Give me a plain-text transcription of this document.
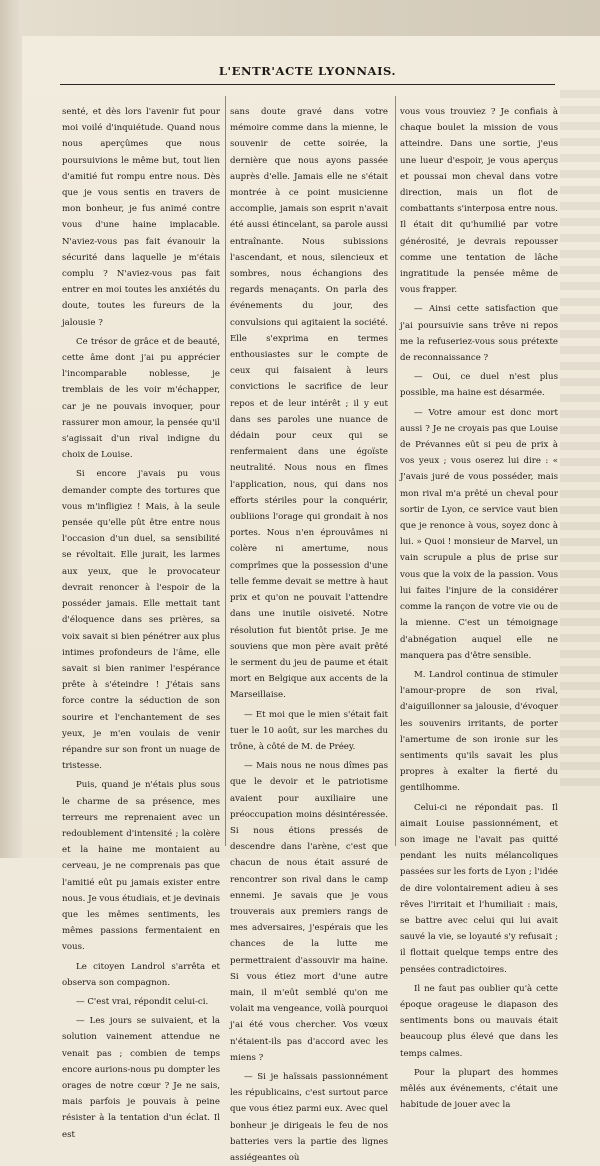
L'ENTR'ACTE LYONNAIS.

senté, et dès lors l'avenir fut pour moi voilé d'inquiétude. Quand nous nous aperçûmes que nous poursuivions le même but, tout lien d'amitié fut rompu entre nous. Dès que je vous sentis en travers de mon bonheur, je fus animé contre vous d'une haine implacable. N'aviez-vous pas fait évanouir la sécurité dans laquelle je m'étais complu ? N'aviez-vous pas fait entrer en moi toutes les anxiétés du doute, toutes les fureurs de la jalousie ?

Ce trésor de grâce et de beauté, cette âme dont j'ai pu apprécier l'incomparable noblesse, je tremblais de les voir m'échapper, car je ne pouvais invoquer, pour rassurer mon amour, la pensée qu'il s'agissait d'un rival indigne du choix de Louise.

Si encore j'avais pu vous demander compte des tortures que vous m'infligiez ! Mais, à la seule pensée qu'elle pût être entre nous l'occasion d'un duel, sa sensibilité se révoltait. Elle jurait, les larmes aux yeux, que le provocateur devrait renoncer à l'espoir de la posséder jamais. Elle mettait tant d'éloquence dans ses prières, sa voix savait si bien pénétrer aux plus intimes profondeurs de l'âme, elle savait si bien ranimer l'espérance prête à s'éteindre ! J'étais sans force contre la séduction de son sourire et l'enchantement de ses yeux, je m'en voulais de venir répandre sur son front un nuage de tristesse.

Puis, quand je n'étais plus sous le charme de sa présence, mes terreurs me reprenaient avec un redoublement d'intensité ; la colère et la haine me montaient au cerveau, je ne comprenais pas que l'amitié eût pu jamais exister entre nous. Je vous étudiais, et je devinais que les mêmes sentiments, les mêmes passions fermentaient en vous.

Le citoyen Landrol s'arrêta et observa son compagnon.

— C'est vrai, répondit celui-ci.

— Les jours se suivaient, et la solution vainement attendue ne venait pas ; combien de temps encore aurions-nous pu dompter les orages de notre cœur ? Je ne sais, mais parfois je pouvais à peine résister à la tentation d'un éclat. Il est

sans doute gravé dans votre mémoire comme dans la mienne, le souvenir de cette soirée, la dernière que nous ayons passée auprès d'elle. Jamais elle ne s'était montrée à ce point musicienne accomplie, jamais son esprit n'avait été aussi étincelant, sa parole aussi entraînante. Nous subissions l'ascendant, et nous, silencieux et sombres, nous échangions des regards menaçants. On parla des événements du jour, des convulsions qui agitaient la société. Elle s'exprima en termes enthousiastes sur le compte de ceux qui faisaient à leurs convictions le sacrifice de leur repos et de leur intérêt ; il y eut dans ses paroles une nuance de dédain pour ceux qui se renfermaient dans une égoïste neutralité. Nous nous en fîmes l'application, nous, qui dans nos efforts stériles pour la conquérir, oubliions l'orage qui grondait à nos portes. Nous n'en éprouvâmes ni colère ni amertume, nous comprîmes que la possession d'une telle femme devait se mettre à haut prix et qu'on ne pouvait l'attendre dans une inutile oisiveté. Notre résolution fut bientôt prise. Je me souviens que mon père avait prêté le serment du jeu de paume et était mort en Belgique aux accents de la Marseillaise.

— Et moi que le mien s'était fait tuer le 10 août, sur les marches du trône, à côté de M. de Préey.

— Mais nous ne nous dîmes pas que le devoir et le patriotisme avaient pour auxiliaire une préoccupation moins désintéressée. Si nous étions pressés de descendre dans l'arène, c'est que chacun de nous était assuré de rencontrer son rival dans le camp ennemi. Je savais que je vous trouverais aux premiers rangs de mes adversaires, j'espérais que les chances de la lutte me permettraient d'assouvir ma haine. Si vous étiez mort d'une autre main, il m'eût semblé qu'on me volait ma vengeance, voilà pourquoi j'ai été vous chercher. Vos vœux n'étaient-ils pas d'accord avec les miens ?

— Si je haïssais passionnément les républicains, c'est surtout parce que vous étiez parmi eux. Avec quel bonheur je dirigeais le feu de nos batteries vers la partie des lignes assiégeantes où

vous vous trouviez ? Je confiais à chaque boulet la mission de vous atteindre. Dans une sortie, j'eus une lueur d'espoir, je vous aperçus et poussai mon cheval dans votre direction, mais un flot de combattants s'interposa entre nous. Il était dit qu'humilié par votre générosité, je devrais repousser comme une tentation de lâche ingratitude la pensée même de vous frapper.

— Ainsi cette satisfaction que j'ai poursuivie sans trêve ni repos me la refuseriez-vous sous prétexte de reconnaissance ?

— Oui, ce duel n'est plus possible, ma haine est désarmée.

— Votre amour est donc mort aussi ? Je ne croyais pas que Louise de Prévannes eût si peu de prix à vos yeux ; vous oserez lui dire : « J'avais juré de vous posséder, mais mon rival m'a prêté un cheval pour sortir de Lyon, ce service vaut bien que je renonce à vous, soyez donc à lui. » Quoi ! monsieur de Marvel, un vain scrupule a plus de prise sur vous que la voix de la passion. Vous lui faites l'injure de la considérer comme la rançon de votre vie ou de la mienne. C'est un témoignage d'abnégation auquel elle ne manquera pas d'être sensible.

M. Landrol continua de stimuler l'amour-propre de son rival, d'aiguillonner sa jalousie, d'évoquer les souvenirs irritants, de porter l'amertume de son ironie sur les sentiments qu'ils savait les plus propres à exalter la fierté du gentilhomme.

Celui-ci ne répondait pas. Il aimait Louise passionnément, et son image ne l'avait pas quitté pendant les nuits mélancoliques passées sur les forts de Lyon ; l'idée de dire volontairement adieu à ses rêves l'irritait et l'humiliait : mais, se battre avec celui qui lui avait sauvé la vie, se loyauté s'y refusait ; il flottait quelque temps entre des pensées contradictoires.

Il ne faut pas oublier qu'à cette époque orageuse le diapason des sentiments bons ou mauvais était beaucoup plus élevé que dans les temps calmes.

Pour la plupart des hommes mêlés aux événements, c'était une habitude de jouer avec la
